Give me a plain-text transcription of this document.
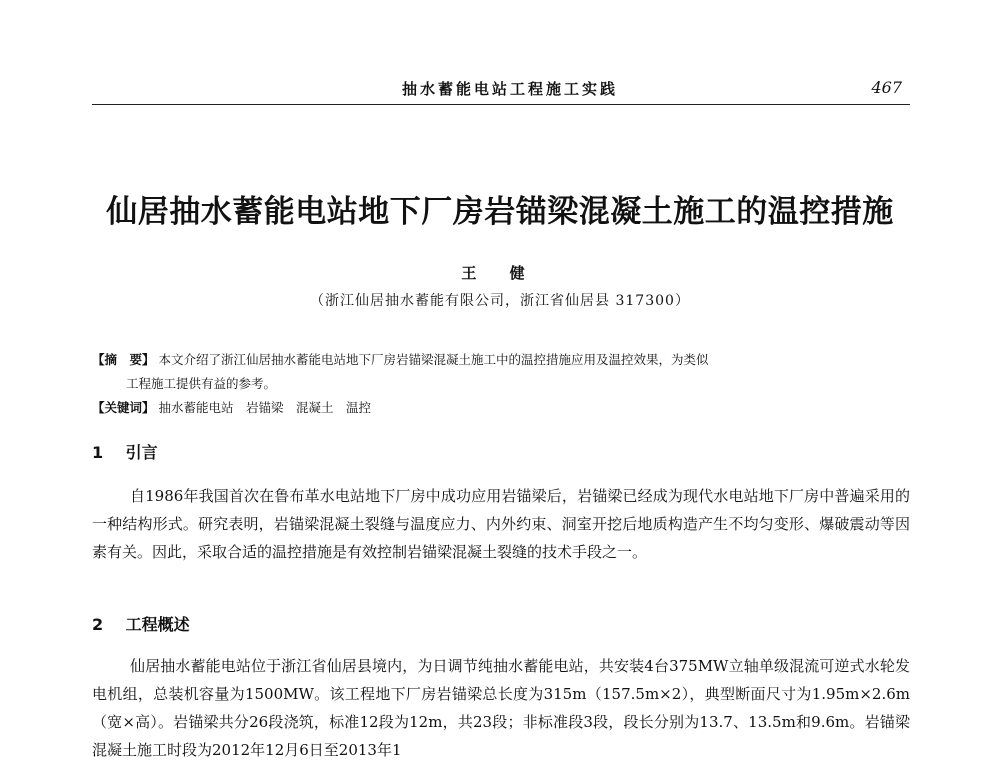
抽水蓄能电站工程施工实践	467
仙居抽水蓄能电站地下厂房岩锚梁混凝土施工的温控措施
王 健
（浙江仙居抽水蓄能有限公司，浙江省仙居县 317300）

【摘　要】 本文介绍了浙江仙居抽水蓄能电站地下厂房岩锚梁混凝土施工中的温控措施应用及温控效果，为类似

工程施工提供有益的参考。

【关键词】 抽水蓄能电站　岩锚梁　混凝土　温控

1 引言

自1986年我国首次在鲁布革水电站地下厂房中成功应用岩锚梁后，岩锚梁已经成为现代水电站地下厂房中普遍采用的一种结构形式。研究表明，岩锚梁混凝土裂缝与温度应力、内外约束、洞室开挖后地质构造产生不均匀变形、爆破震动等因素有关。因此，采取合适的温控措施是有效控制岩锚梁混凝土裂缝的技术手段之一。

2 工程概述

仙居抽水蓄能电站位于浙江省仙居县境内，为日调节纯抽水蓄能电站，共安装4台375MW立轴单级混流可逆式水轮发电机组，总装机容量为1500MW。该工程地下厂房岩锚梁总长度为315m（157.5m×2），典型断面尺寸为1.95m×2.6m（宽×高）。岩锚梁共分26段浇筑，标准12段为12m，共23段；非标准段3段，段长分别为13.7、13.5m和9.6m。岩锚梁混凝土施工时段为2012年12月6日至2013年1
